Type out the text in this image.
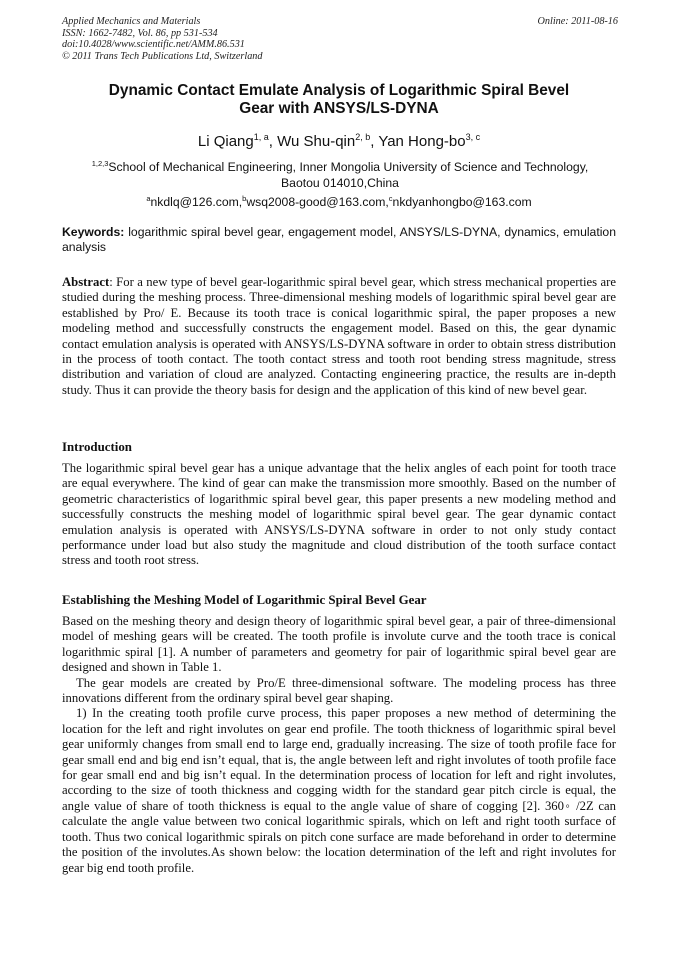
Applied Mechanics and Materials
ISSN: 1662-7482, Vol. 86, pp 531-534
doi:10.4028/www.scientific.net/AMM.86.531
© 2011 Trans Tech Publications Ltd, Switzerland
Online: 2011-08-16
Dynamic Contact Emulate Analysis of Logarithmic Spiral Bevel
Gear with ANSYS/LS-DYNA
Li Qiang$^{1, a}$, Wu Shu-qin$^{2, b}$, Yan Hong-bo$^{3, c}$
$^{1,2,3}$School of Mechanical Engineering, Inner Mongolia University of Science and Technology,
Baotou 014010,China
$^a$nkdlq@126.com,$^b$wsq2008-good@163.com,$^c$nkdyanhongbo@163.com
Keywords: logarithmic spiral bevel gear, engagement model, ANSYS/LS-DYNA, dynamics, emulation analysis

Abstract: For a new type of bevel gear-logarithmic spiral bevel gear, which stress mechanical properties are studied during the meshing process. Three-dimensional meshing models of logarithmic spiral bevel gear are established by Pro/ E. Because its tooth trace is conical logarithmic spiral, the paper proposes a new modeling method and successfully constructs the engagement model. Based on this, the gear dynamic contact emulation analysis is operated with ANSYS/LS-DYNA software in order to obtain stress distribution in the process of tooth contact. The tooth contact stress and tooth root bending stress magnitude, stress distribution and variation of cloud are analyzed. Contacting engineering practice, the results are in-depth study. Thus it can provide the theory basis for design and the application of this kind of new bevel gear.

Introduction

The logarithmic spiral bevel gear has a unique advantage that the helix angles of each point for tooth trace are equal everywhere. The kind of gear can make the transmission more smoothly. Based on the number of geometric characteristics of logarithmic spiral bevel gear, this paper presents a new modeling method and successfully constructs the meshing model of logarithmic spiral bevel gear. The gear dynamic contact emulation analysis is operated with ANSYS/LS-DYNA software in order to not only study contact performance under load but also study the magnitude and cloud distribution of the tooth surface contact stress and tooth root stress.

Establishing the Meshing Model of Logarithmic Spiral Bevel Gear

Based on the meshing theory and design theory of logarithmic spiral bevel gear, a pair of three-dimensional model of meshing gears will be created. The tooth profile is involute curve and the tooth trace is conical logarithmic spiral [1]. A number of parameters and geometry for pair of logarithmic spiral bevel gear are designed and shown in Table 1.

The gear models are created by Pro/E three-dimensional software. The modeling process has three innovations different from the ordinary spiral bevel gear shaping.

1) In the creating tooth profile curve process, this paper proposes a new method of determining the location for the left and right involutes on gear end profile. The tooth thickness of logarithmic spiral bevel gear uniformly changes from small end to large end, gradually increasing. The size of tooth profile face for gear small end and big end isn’t equal, that is, the angle between left and right involutes of tooth profile face for gear small end and big isn’t equal. In the determination process of location for left and right involutes, according to the size of tooth thickness and cogging width for the standard gear pitch circle is equal, the angle value of share of tooth thickness is equal to the angle value of share of cogging [2]. 360◦ /2Z can calculate the angle value between two conical logarithmic spirals, which on left and right tooth surface of tooth. Thus two conical logarithmic spirals on pitch cone surface are made beforehand in order to determine the position of the involutes.As shown below: the location determination of the left and right involutes for gear big end tooth profile.
